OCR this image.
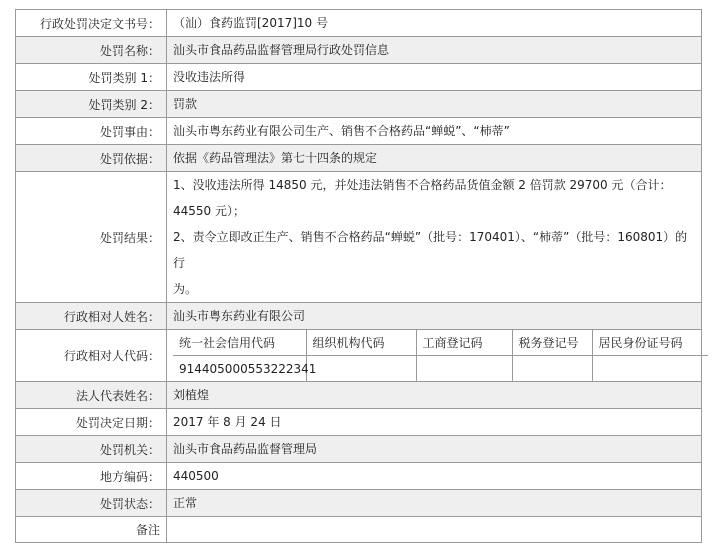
行政处罚决定文书号：	（汕）食药监罚[2017]10 号
处罚名称：	汕头市食品药品监督管理局行政处罚信息
处罚类别 1：	没收违法所得
处罚类别 2：	罚款
处罚事由：	汕头市粤东药业有限公司生产、销售不合格药品“蝉蜕”、“柿蒂”
处罚依据：	依据《药品管理法》第七十四条的规定
处罚结果：	
1、没收违法所得 14850 元，并处违法销售不合格药品货值金额 2 倍罚款 29700 元（合计：44550 元）；
2、责令立即改正生产、销售不合格药品“蝉蜕”（批号：170401）、“柿蒂”（批号：160801）的行
为。

行政相对人姓名：	汕头市粤东药业有限公司
行政相对人代码：	
统一社会信用代码	组织机构代码	工商登记码	税务登记号	居民身份证号码
914405000553222341				

法人代表姓名：	刘植煌
处罚决定日期：	2017 年 8 月 24 日
处罚机关：	汕头市食品药品监督管理局
地方编码：	440500
处罚状态：	正常
备注	
